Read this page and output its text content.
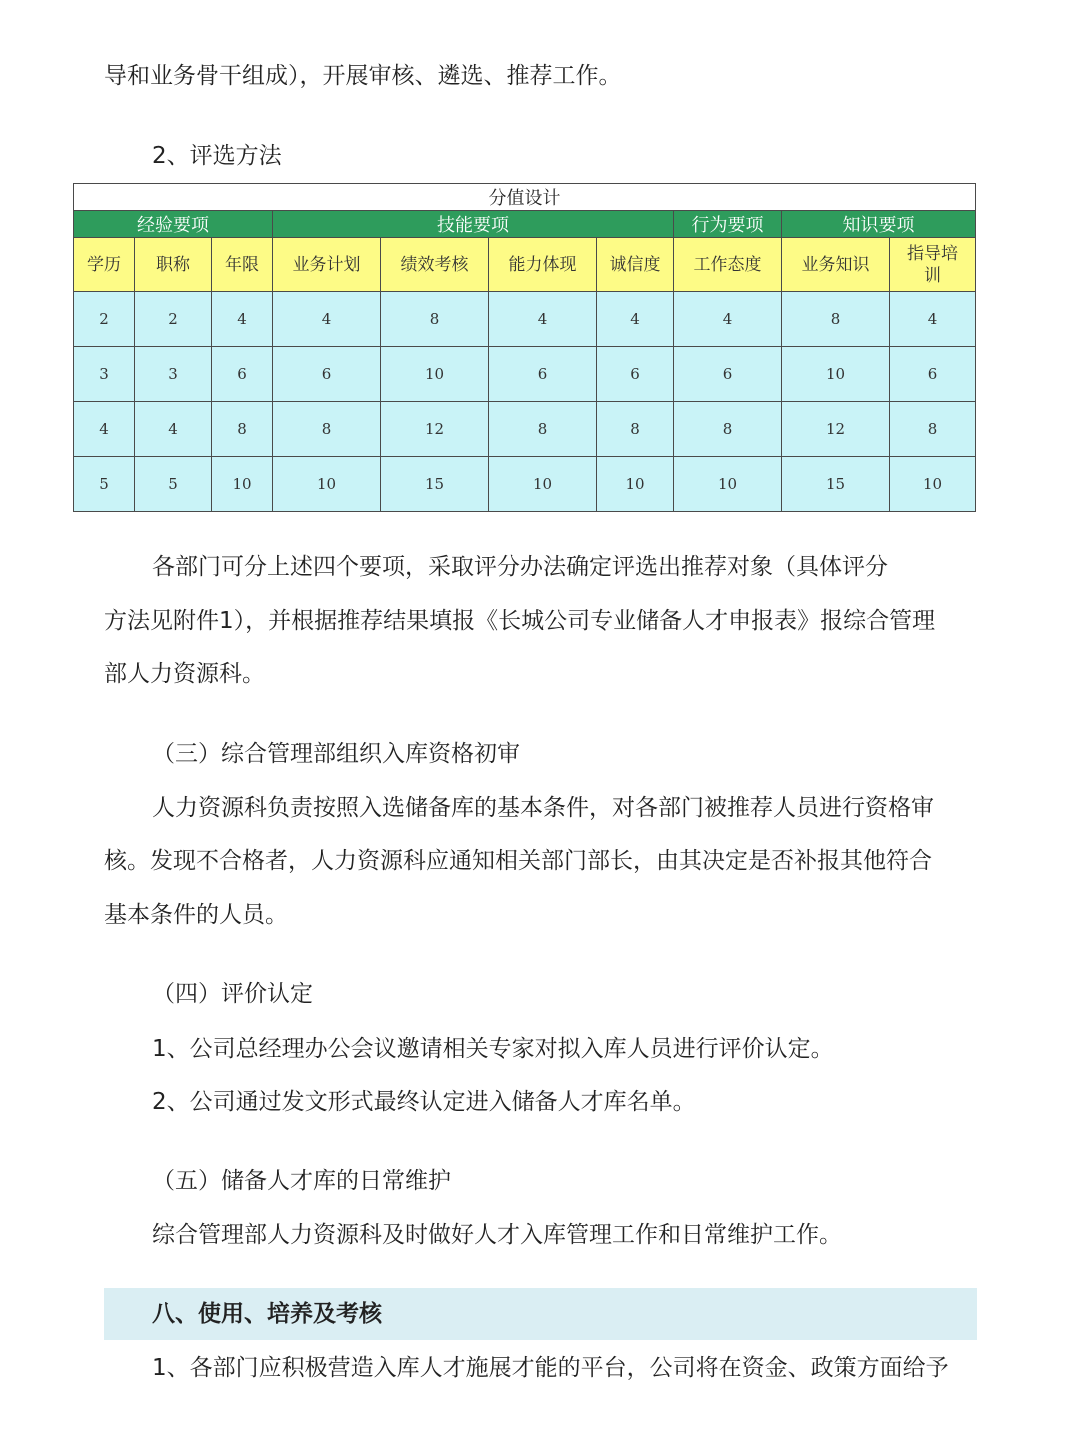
导和业务骨干组成），开展审核、遴选、推荐工作。

2、评选方法

分值设计									
经验要项			技能要项				行为要项	知识要项	
学历	职称	年限	业务计划	绩效考核	能力体现	诚信度	工作态度	业务知识	指导培训
2	2	4	4	8	4	4	4	8	4
3	3	6	6	10	6	6	6	10	6
4	4	8	8	12	8	8	8	12	8
5	5	10	10	15	10	10	10	15	10

各部门可分上述四个要项，采取评分办法确定评选出推荐对象（具体评分

方法见附件1），并根据推荐结果填报《长城公司专业储备人才申报表》报综合管理

部人力资源科。

（三）综合管理部组织入库资格初审

人力资源科负责按照入选储备库的基本条件，对各部门被推荐人员进行资格审

核。发现不合格者，人力资源科应通知相关部门部长，由其决定是否补报其他符合

基本条件的人员。

（四）评价认定

1、公司总经理办公会议邀请相关专家对拟入库人员进行评价认定。

2、公司通过发文形式最终认定进入储备人才库名单。

（五）储备人才库的日常维护

综合管理部人力资源科及时做好人才入库管理工作和日常维护工作。

八、使用、培养及考核

1、各部门应积极营造入库人才施展才能的平台，公司将在资金、政策方面给予
